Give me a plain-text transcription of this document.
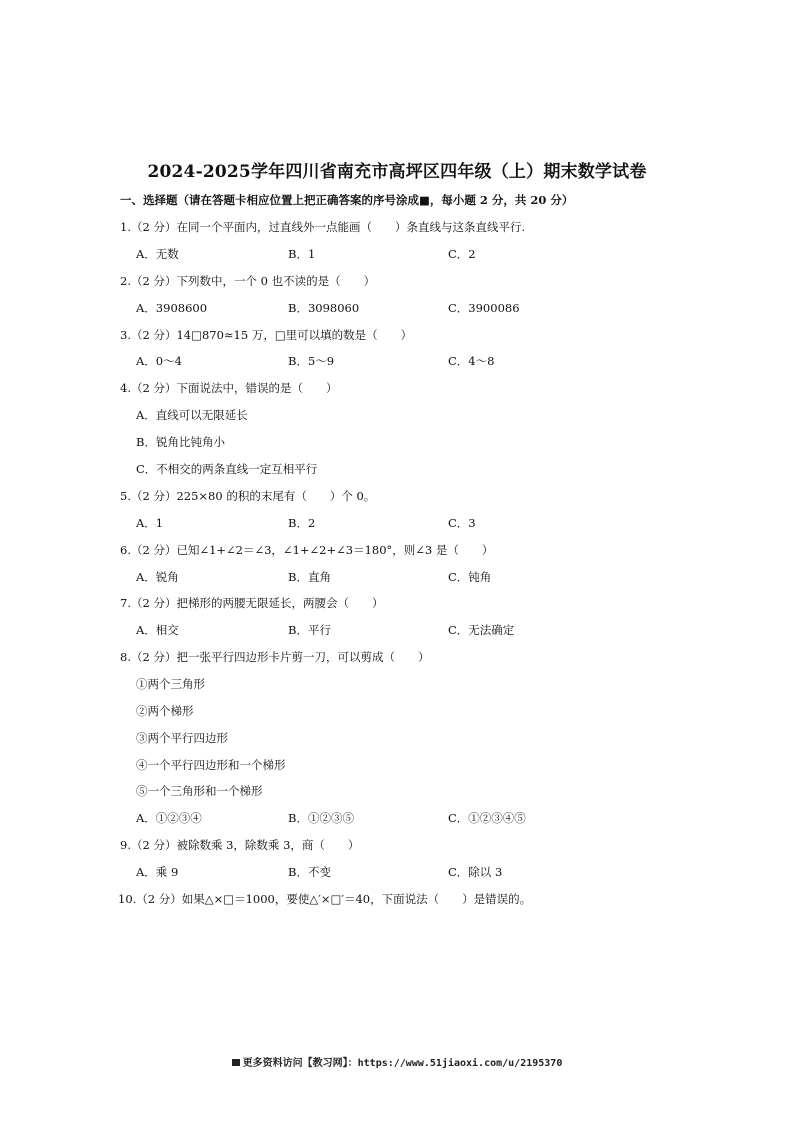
2024-2025学年四川省南充市高坪区四年级（上）期末数学试卷
一、选择题（请在答题卡相应位置上把正确答案的序号涂成■，每小题 2 分，共 20 分）
1.（2 分）在同一个平面内，过直线外一点能画（　　）条直线与这条直线平行.
A．无数	B．1	C．2
2.（2 分）下列数中，一个 0 也不读的是（　　）
A．3908600	B．3098060	C．3900086
3.（2 分）14□870≈15 万，□里可以填的数是（　　）
A．0～4	B．5～9	C．4～8
4.（2 分）下面说法中，错误的是（　　）
A．直线可以无限延长
B．锐角比钝角小
C．不相交的两条直线一定互相平行
5.（2 分）225×80 的积的末尾有（　　）个 0。
A．1	B．2	C．3
6.（2 分）已知∠1+∠2＝∠3，∠1+∠2+∠3＝180°，则∠3 是（　　）
A．锐角	B．直角	C．钝角
7.（2 分）把梯形的两腰无限延长，两腰会（　　）
A．相交	B．平行	C．无法确定
8.（2 分）把一张平行四边形卡片剪一刀，可以剪成（　　）
①两个三角形
②两个梯形
③两个平行四边形
④一个平行四边形和一个梯形
⑤一个三角形和一个梯形
A．①②③④	B．①②③⑤	C．①②③④⑤
9.（2 分）被除数乘 3，除数乘 3，商（　　）
A．乘 9	B．不变	C．除以 3
10.（2 分）如果△×□＝1000，要使△′×□′＝40，下面说法（　　）是错误的。
更多资料访问【教习网】：https://www.51jiaoxi.com/u/2195370
